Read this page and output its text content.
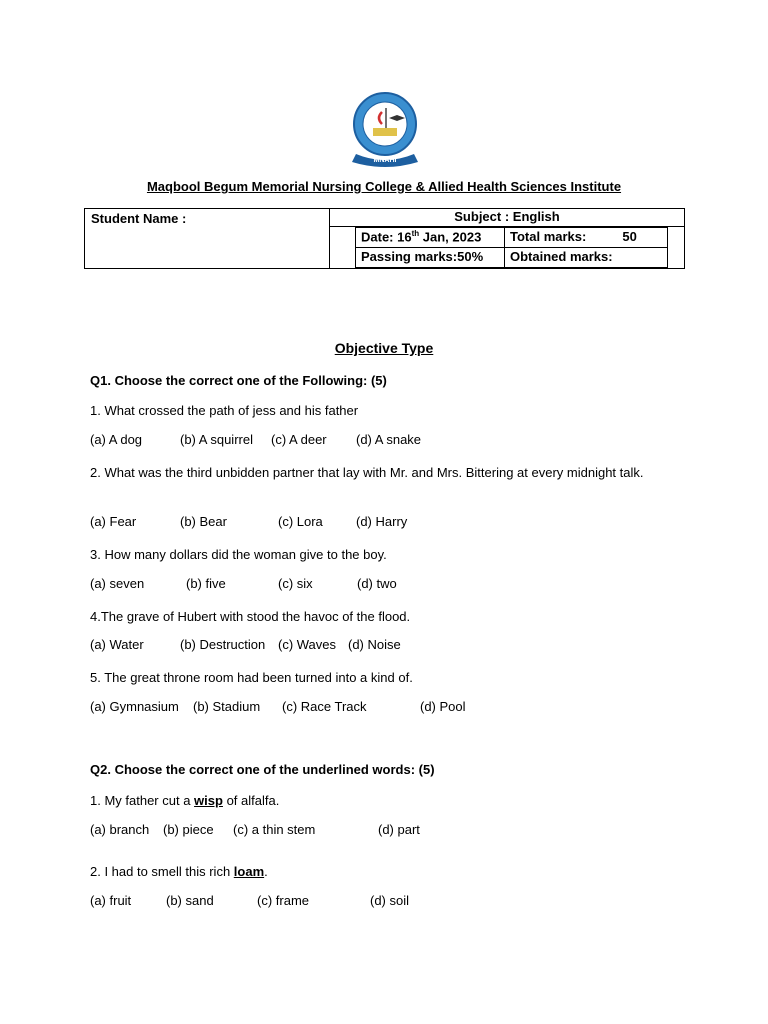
MNAHI
Maqbool Begum Memorial Nursing College & Allied Health Sciences Institute
Student Name :	Subject : English

Date: 16th Jan, 2023	Total marks:	50
Passing marks:50%	Obtained marks:
Objective Type
Q1. Choose the correct one of the Following: (5)
1. What crossed the path of jess and his father
(a) A dog	(b) A squirrel (c) A deer (d) A snake
2. What was the third unbidden partner that lay with Mr. and Mrs. Bittering at every midnight talk.
(a) Fear	(b) Bear	(c) Lora	(d) Harry
3. How many dollars did the woman give to the boy.
(a) seven	(b) five	(c) six	(d) two
4.The grave of Hubert with stood the havoc of the flood.
(a) Water	(b) Destruction (c) Waves (d) Noise
5. The great throne room had been turned into a kind of.
(a) Gymnasium (b) Stadium (c) Race Track	(d) Pool
Q2. Choose the correct one of the underlined words: (5)
1. My father cut a wisp of alfalfa.
(a) branch (b) piece (c) a thin stem	(d) part
2. I had to smell this rich loam.
(a) fruit	(b) sand	(c) frame	(d) soil
